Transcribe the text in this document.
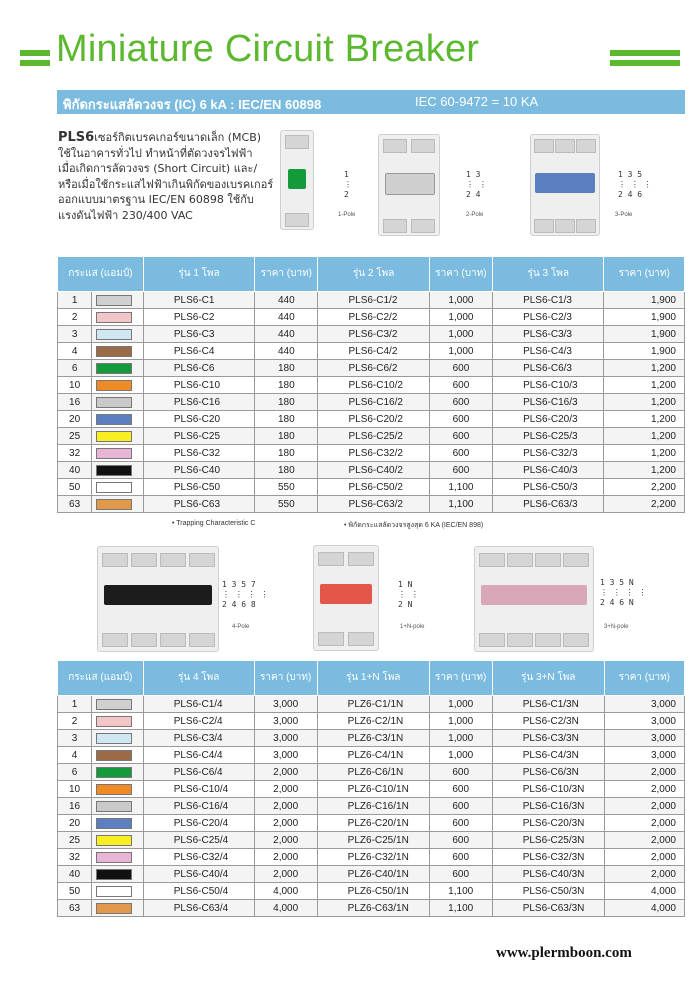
Miniature Circuit Breaker
พิกัดกระแสลัดวงจร (IC) 6 kA : IEC/EN 60898	IEC 60-9472 = 10 KA
PLS6เซอร์กิตเบรคเกอร์ขนาดเล็ก (MCB)
ใช้ในอาคารทั่วไป ทำหน้าที่ตัดวงจรไฟฟ้า
เมื่อเกิดการลัดวงจร (Short Circuit) และ/
หรือเมื่อใช้กระแสไฟฟ้าเกินพิกัดของเบรคเกอร์
ออกแบบมาตรฐาน IEC/EN 60898 ใช้กับ
แรงดันไฟฟ้า 230/400 VAC
1
⋮
2
1-Pole
1 3
⋮ ⋮
2 4
2-Pole
1 3 5
⋮ ⋮ ⋮
2 4 6
3-Pole
กระแส (แอมป์)		รุ่น 1 โพล	ราคา (บาท)	รุ่น 2 โพล	ราคา (บาท)	รุ่น 3 โพล	ราคา (บาท)
1		PLS6-C1	440	PLS6-C1/2	1,000	PLS6-C1/3	1,900
2		PLS6-C2	440	PLS6-C2/2	1,000	PLS6-C2/3	1,900
3		PLS6-C3	440	PLS6-C3/2	1,000	PLS6-C3/3	1,900
4		PLS6-C4	440	PLS6-C4/2	1,000	PLS6-C4/3	1,900
6		PLS6-C6	180	PLS6-C6/2	600	PLS6-C6/3	1,200
10		PLS6-C10	180	PLS6-C10/2	600	PLS6-C10/3	1,200
16		PLS6-C16	180	PLS6-C16/2	600	PLS6-C16/3	1,200
20		PLS6-C20	180	PLS6-C20/2	600	PLS6-C20/3	1,200
25		PLS6-C25	180	PLS6-C25/2	600	PLS6-C25/3	1,200
32		PLS6-C32	180	PLS6-C32/2	600	PLS6-C32/3	1,200
40		PLS6-C40	180	PLS6-C40/2	600	PLS6-C40/3	1,200
50		PLS6-C50	550	PLS6-C50/2	1,100	PLS6-C50/3	2,200
63		PLS6-C63	550	PLS6-C63/2	1,100	PLS6-C63/3	2,200
• Trapping Characteristic C	• พิกัดกระแสลัดวงจรสูงสุด 6 KA (IEC/EN 898)
1 3 5 7
⋮ ⋮ ⋮ ⋮
2 4 6 8
4-Pole
1 N
⋮ ⋮
2 N
1+N-pole
1 3 5 N
⋮ ⋮ ⋮ ⋮
2 4 6 N
3+N-pole
กระแส (แอมป์)		รุ่น 4 โพล	ราคา (บาท)	รุ่น 1+N โพล	ราคา (บาท)	รุ่น 3+N โพล	ราคา (บาท)
1		PLS6-C1/4	3,000	PLZ6-C1/1N	1,000	PLS6-C1/3N	3,000
2		PLS6-C2/4	3,000	PLZ6-C2/1N	1,000	PLS6-C2/3N	3,000
3		PLS6-C3/4	3,000	PLZ6-C3/1N	1,000	PLS6-C3/3N	3,000
4		PLS6-C4/4	3,000	PLZ6-C4/1N	1,000	PLS6-C4/3N	3,000
6		PLS6-C6/4	2,000	PLZ6-C6/1N	600	PLS6-C6/3N	2,000
10		PLS6-C10/4	2,000	PLZ6-C10/1N	600	PLS6-C10/3N	2,000
16		PLS6-C16/4	2,000	PLZ6-C16/1N	600	PLS6-C16/3N	2,000
20		PLS6-C20/4	2,000	PLZ6-C20/1N	600	PLS6-C20/3N	2,000
25		PLS6-C25/4	2,000	PLZ6-C25/1N	600	PLS6-C25/3N	2,000
32		PLS6-C32/4	2,000	PLZ6-C32/1N	600	PLS6-C32/3N	2,000
40		PLS6-C40/4	2,000	PLZ6-C40/1N	600	PLS6-C40/3N	2,000
50		PLS6-C50/4	4,000	PLZ6-C50/1N	1,100	PLS6-C50/3N	4,000
63		PLS6-C63/4	4,000	PLZ6-C63/1N	1,100	PLS6-C63/3N	4,000
www.plermboon.com
